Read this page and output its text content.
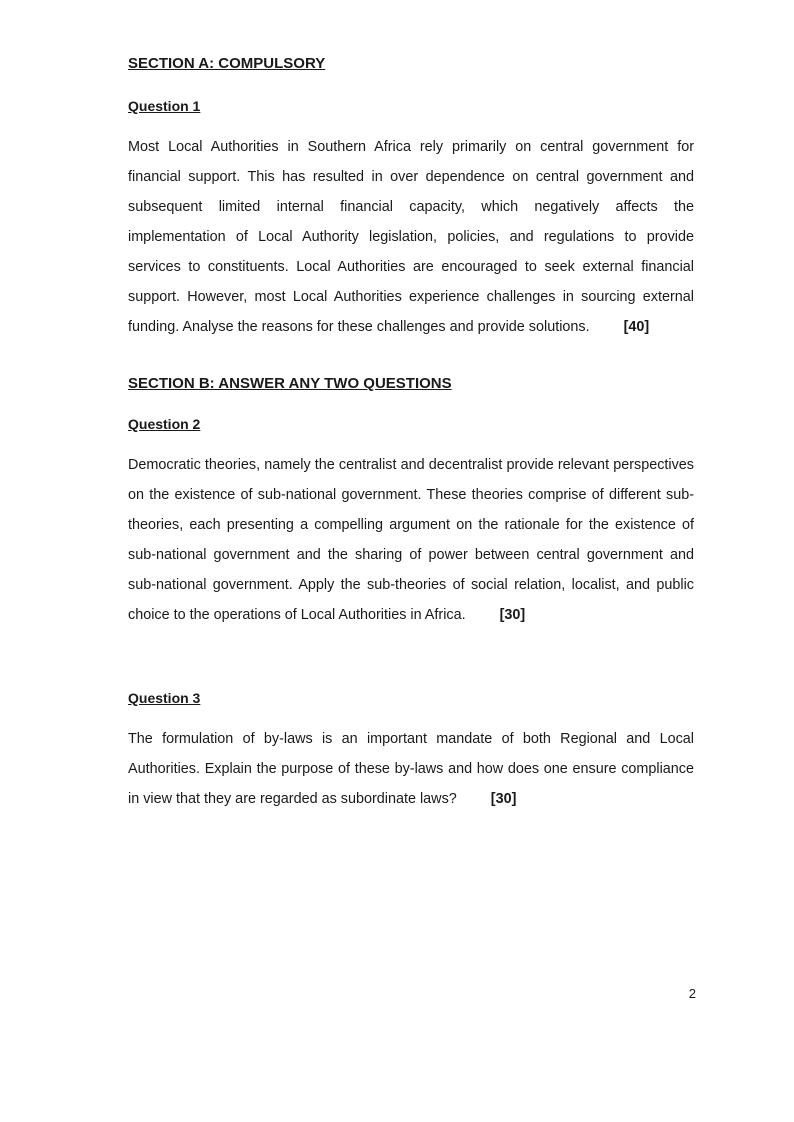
SECTION A: COMPULSORY

Question 1

Most Local Authorities in Southern Africa rely primarily on central government for financial support. This has resulted in over dependence on central government and subsequent limited internal financial capacity, which negatively affects the implementation of Local Authority legislation, policies, and regulations to provide services to constituents. Local Authorities are encouraged to seek external financial support. However, most Local Authorities experience challenges in sourcing external funding. Analyse the reasons for these challenges and provide solutions. [40]

SECTION B: ANSWER ANY TWO QUESTIONS

Question 2

Democratic theories, namely the centralist and decentralist provide relevant perspectives on the existence of sub-national government. These theories comprise of different sub-theories, each presenting a compelling argument on the rationale for the existence of sub-national government and the sharing of power between central government and sub-national government. Apply the sub-theories of social relation, localist, and public choice to the operations of Local Authorities in Africa. [30]

Question 3

The formulation of by-laws is an important mandate of both Regional and Local Authorities. Explain the purpose of these by-laws and how does one ensure compliance in view that they are regarded as subordinate laws? [30]

2
